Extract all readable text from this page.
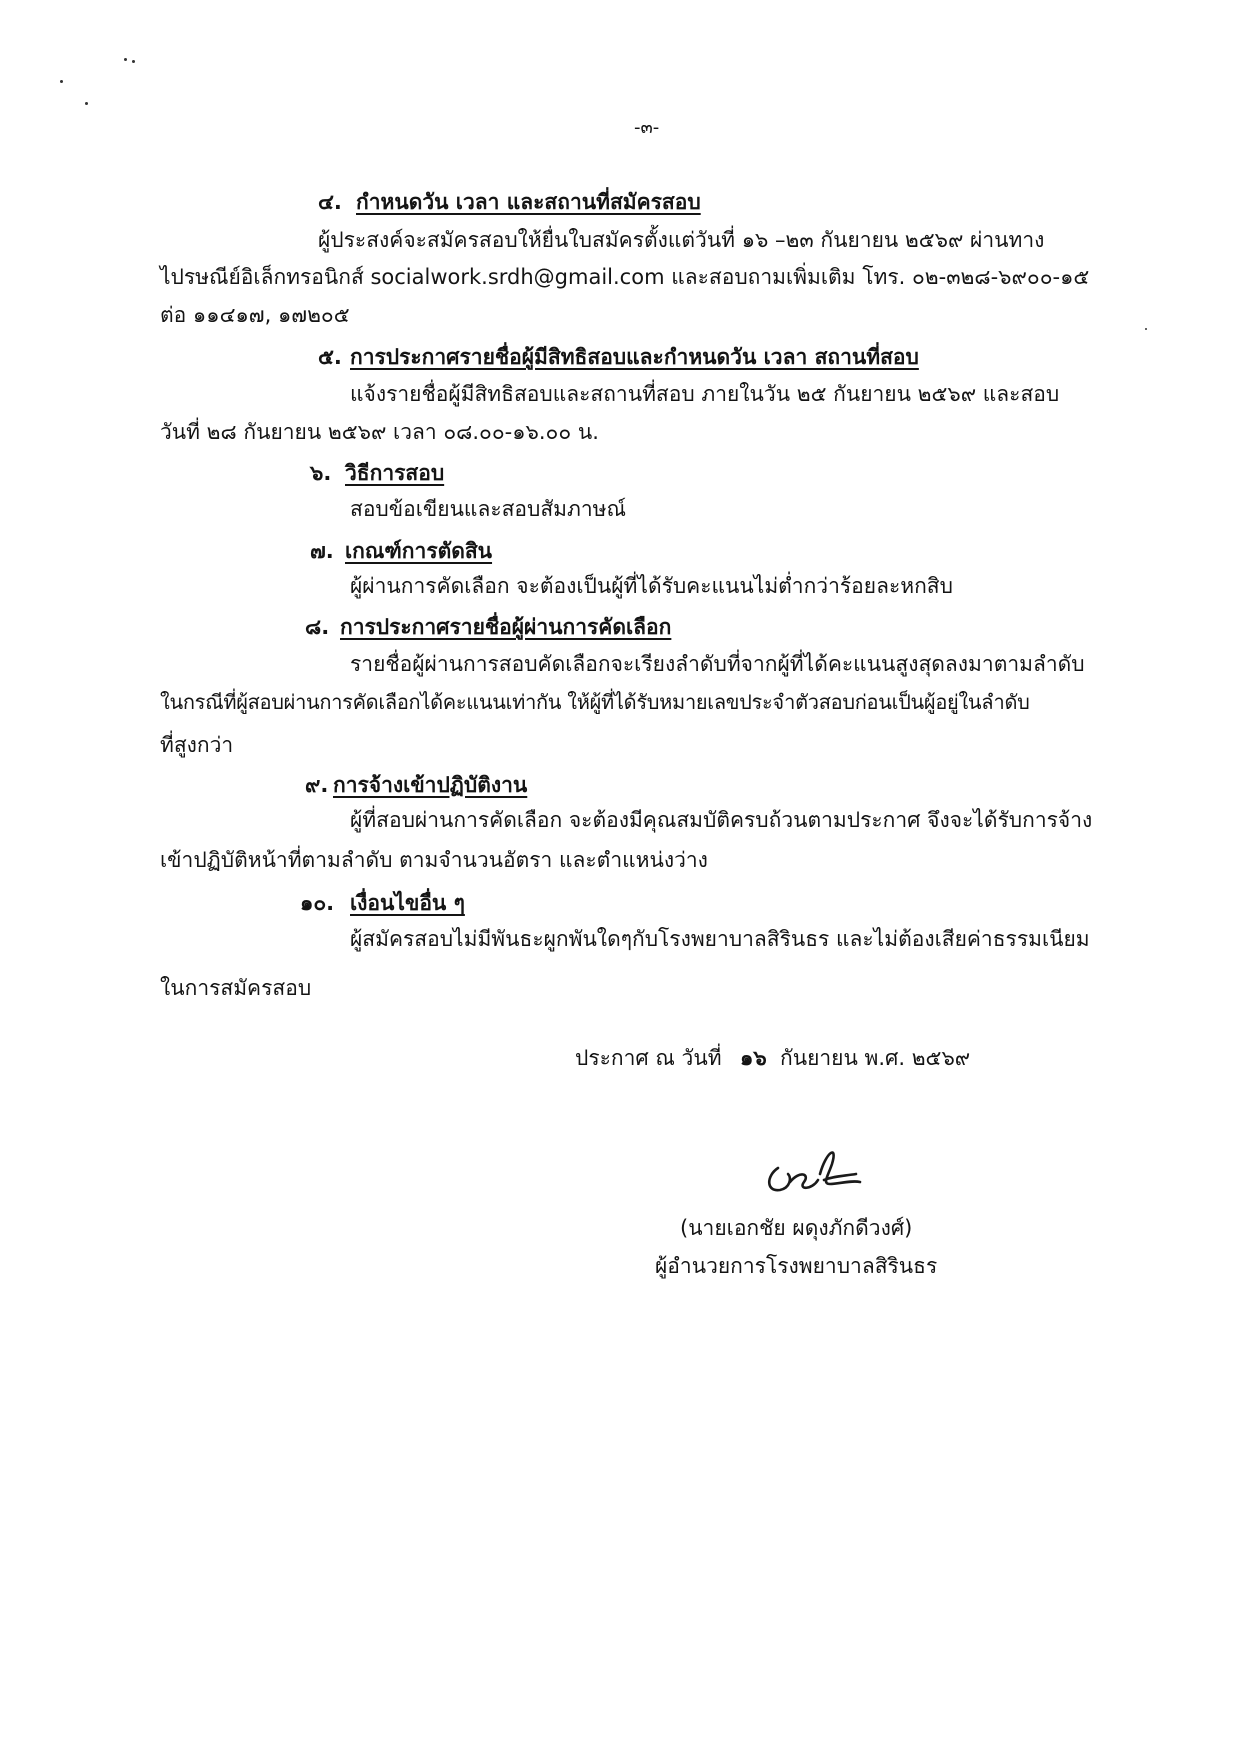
-๓-
๔. กำหนดวัน เวลา และสถานที่สมัครสอบ
ผู้ประสงค์จะสมัครสอบให้ยื่นใบสมัครตั้งแต่วันที่ ๑๖ –๒๓ กันยายน ๒๕๖๙ ผ่านทาง
ไปรษณีย์อิเล็กทรอนิกส์ socialwork.srdh@gmail.com และสอบถามเพิ่มเติม โทร. ๐๒-๓๒๘-๖๙๐๐-๑๕
ต่อ ๑๑๔๑๗, ๑๗๒๐๕
๕. การประกาศรายชื่อผู้มีสิทธิสอบและกำหนดวัน เวลา สถานที่สอบ
แจ้งรายชื่อผู้มีสิทธิสอบและสถานที่สอบ ภายในวัน ๒๕ กันยายน ๒๕๖๙ และสอบ
วันที่ ๒๘ กันยายน ๒๕๖๙ เวลา ๐๘.๐๐-๑๖.๐๐ น.
๖. วิธีการสอบ
สอบข้อเขียนและสอบสัมภาษณ์
๗. เกณฑ์การตัดสิน
ผู้ผ่านการคัดเลือก จะต้องเป็นผู้ที่ได้รับคะแนนไม่ต่ำกว่าร้อยละหกสิบ
๘. การประกาศรายชื่อผู้ผ่านการคัดเลือก
รายชื่อผู้ผ่านการสอบคัดเลือกจะเรียงลำดับที่จากผู้ที่ได้คะแนนสูงสุดลงมาตามลำดับ
ในกรณีที่ผู้สอบผ่านการคัดเลือกได้คะแนนเท่ากัน ให้ผู้ที่ได้รับหมายเลขประจำตัวสอบก่อนเป็นผู้อยู่ในลำดับ
ที่สูงกว่า
๙. การจ้างเข้าปฏิบัติงาน
ผู้ที่สอบผ่านการคัดเลือก จะต้องมีคุณสมบัติครบถ้วนตามประกาศ จึงจะได้รับการจ้าง
เข้าปฏิบัติหน้าที่ตามลำดับ ตามจำนวนอัตรา และตำแหน่งว่าง
๑๐. เงื่อนไขอื่น ๆ
ผู้สมัครสอบไม่มีพันธะผูกพันใดๆกับโรงพยาบาลสิรินธร และไม่ต้องเสียค่าธรรมเนียม
ในการสมัครสอบ
ประกาศ ณ วันที่ ๑๖ กันยายน พ.ศ. ๒๕๖๙
(นายเอกชัย ผดุงภักดีวงศ์)
ผู้อำนวยการโรงพยาบาลสิรินธร
